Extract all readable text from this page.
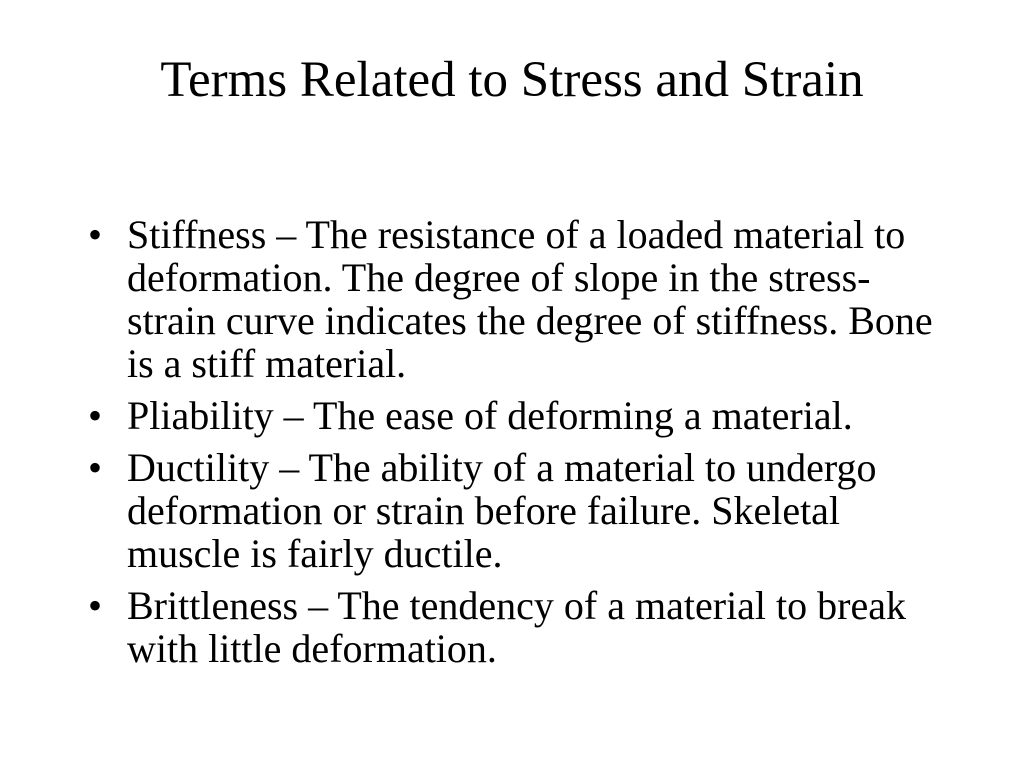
Terms Related to Stress and Strain
• Stiffness – The resistance of a loaded material to
deformation. The degree of slope in the stress-
strain curve indicates the degree of stiffness. Bone
is a stiff material.
• Pliability – The ease of deforming a material.
• Ductility – The ability of a material to undergo
deformation or strain before failure. Skeletal
muscle is fairly ductile.
• Brittleness – The tendency of a material to break
with little deformation.
